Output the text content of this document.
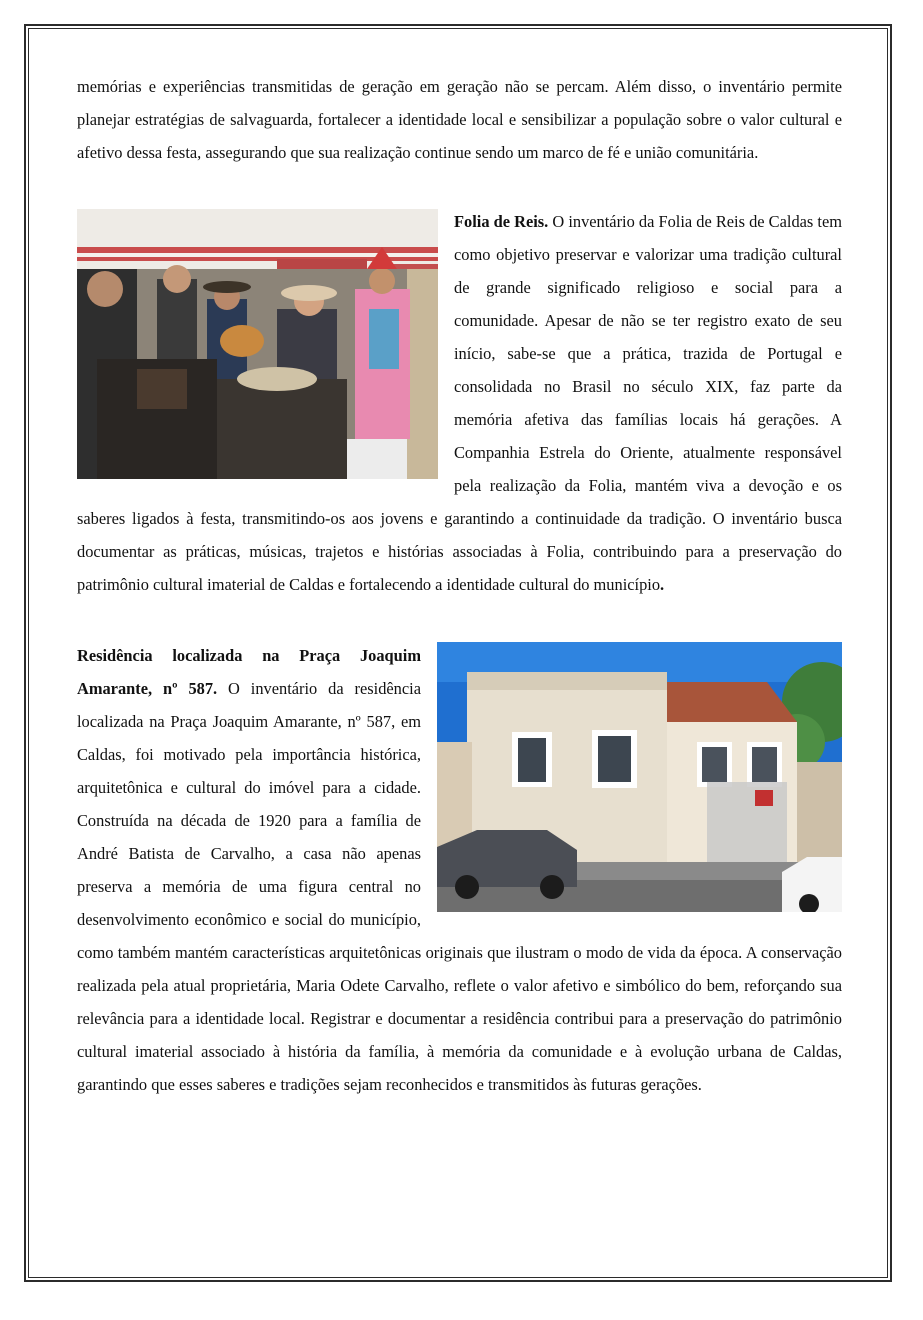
memórias e experiências transmitidas de geração em geração não se percam. Além disso, o inventário permite planejar estratégias de salvaguarda, fortalecer a identidade local e sensibilizar a população sobre o valor cultural e afetivo dessa festa, assegurando que sua realização continue sendo um marco de fé e união comunitária.

Folia de Reis. O inventário da Folia de Reis de Caldas tem como objetivo preservar e valorizar uma tradição cultural de grande significado religioso e social para a comunidade. Apesar de não se ter registro exato de seu início, sabe-se que a prática, trazida de Portugal e consolidada no Brasil no século XIX, faz parte da memória afetiva das famílias locais há gerações. A Companhia Estrela do Oriente, atualmente responsável pela realização da Folia, mantém viva a devoção e os saberes ligados à festa, transmitindo-os aos jovens e garantindo a continuidade da tradição. O inventário busca documentar as práticas, músicas, trajetos e histórias associadas à Folia, contribuindo para a preservação do patrimônio cultural imaterial de Caldas e fortalecendo a identidade cultural do município.

Residência localizada na Praça Joaquim Amarante, nº 587. O inventário da residência localizada na Praça Joaquim Amarante, nº 587, em Caldas, foi motivado pela importância histórica, arquitetônica e cultural do imóvel para a cidade. Construída na década de 1920 para a família de André Batista de Carvalho, a casa não apenas preserva a memória de uma figura central no desenvolvimento econômico e social do município, como também mantém características arquitetônicas originais que ilustram o modo de vida da época. A conservação realizada pela atual proprietária, Maria Odete Carvalho, reflete o valor afetivo e simbólico do bem, reforçando sua relevância para a identidade local. Registrar e documentar a residência contribui para a preservação do patrimônio cultural imaterial associado à história da família, à memória da comunidade e à evolução urbana de Caldas, garantindo que esses saberes e tradições sejam reconhecidos e transmitidos às futuras gerações.
